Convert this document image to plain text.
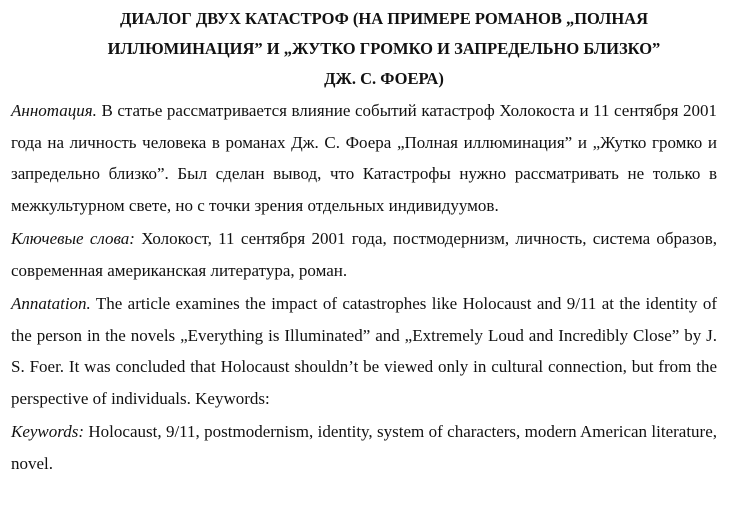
ДИАЛОГ ДВУХ КАТАСТРОФ (НА ПРИМЕРЕ РОМАНОВ „ПОЛНАЯ
ИЛЛЮМИНАЦИЯ” И „ЖУТКО ГРОМКО И ЗАПРЕДЕЛЬНО БЛИЗКО”
ДЖ. С. ФОЕРА)

Аннотация. В статье рассматривается влияние событий катастроф Холокоста и 11 сентября 2001 года на личность человека в романах Дж. С. Фоера „Полная иллюминация” и „Жутко громко и запредельно близко”. Был сделан вывод, что Катастрофы нужно рассматривать не только в межкультурном свете, но с точки зрения отдельных индивидуумов.

Ключевые слова: Холокост, 11 сентября 2001 года, постмодернизм, личность, система образов, современная американская литература, роман.

Annatation. The article examines the impact of catastrophes like Holocaust and 9/11 at the identity of the person in the novels „Everything is Illuminated” and „Extremely Loud and Incredibly Close” by J. S. Foer. It was concluded that Holocaust shouldn’t be viewed only in cultural connection, but from the perspective of individuals. Keywords:

Keywords: Holocaust, 9/11, postmodernism, identity, system of characters, modern American literature, novel.
